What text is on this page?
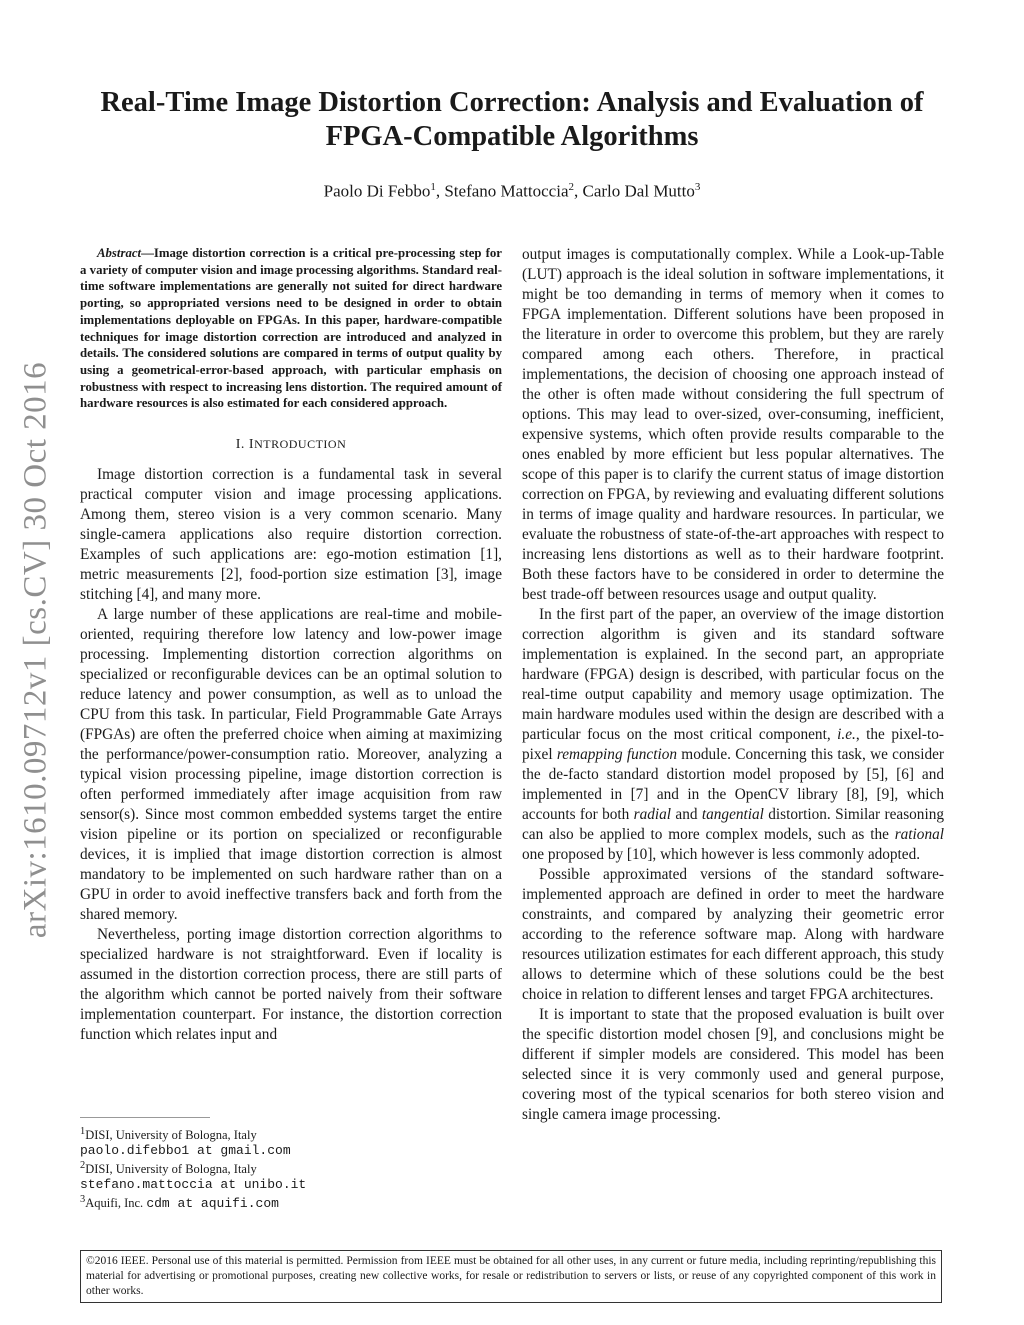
arXiv:1610.09712v1 [cs.CV] 30 Oct 2016
Real-Time Image Distortion Correction: Analysis and Evaluation of
FPGA-Compatible Algorithms
Paolo Di Febbo$^1$, Stefano Mattoccia$^2$, Carlo Dal Mutto$^3$

Abstract—Image distortion correction is a critical pre-processing step for a variety of computer vision and image processing algorithms. Standard real-time software implementations are generally not suited for direct hardware porting, so appropriated versions need to be designed in order to obtain implementations deployable on FPGAs. In this paper, hardware-compatible techniques for image distortion correction are introduced and analyzed in details. The considered solutions are compared in terms of output quality by using a geometrical-error-based approach, with particular emphasis on robustness with respect to increasing lens distortion. The required amount of hardware resources is also estimated for each considered approach.

I. INTRODUCTION

Image distortion correction is a fundamental task in several practical computer vision and image processing applications. Among them, stereo vision is a very common scenario. Many single-camera applications also require distortion correction. Examples of such applications are: ego-motion estimation [1], metric measurements [2], food-portion size estimation [3], image stitching [4], and many more.

A large number of these applications are real-time and mobile-oriented, requiring therefore low latency and low-power image processing. Implementing distortion correction algorithms on specialized or reconfigurable devices can be an optimal solution to reduce latency and power consumption, as well as to unload the CPU from this task. In particular, Field Programmable Gate Arrays (FPGAs) are often the preferred choice when aiming at maximizing the performance/power-consumption ratio. Moreover, analyzing a typical vision processing pipeline, image distortion correction is often performed immediately after image acquisition from raw sensor(s). Since most common embedded systems target the entire vision pipeline or its portion on specialized or reconfigurable devices, it is implied that image distortion correction is almost mandatory to be implemented on such hardware rather than on a GPU in order to avoid ineffective transfers back and forth from the shared memory.

Nevertheless, porting image distortion correction algorithms to specialized hardware is not straightforward. Even if locality is assumed in the distortion correction process, there are still parts of the algorithm which cannot be ported naively from their software implementation counterpart. For instance, the distortion correction function which relates input and

$^1$DISI, University of Bologna, Italy
paolo.difebbo1 at gmail.com
$^2$DISI, University of Bologna, Italy
stefano.mattoccia at unibo.it
$^3$Aquifi, Inc. cdm at aquifi.com

output images is computationally complex. While a Look-up-Table (LUT) approach is the ideal solution in software implementations, it might be too demanding in terms of memory when it comes to FPGA implementation. Different solutions have been proposed in the literature in order to overcome this problem, but they are rarely compared among each others. Therefore, in practical implementations, the decision of choosing one approach instead of the other is often made without considering the full spectrum of options. This may lead to over-sized, over-consuming, inefficient, expensive systems, which often provide results comparable to the ones enabled by more efficient but less popular alternatives. The scope of this paper is to clarify the current status of image distortion correction on FPGA, by reviewing and evaluating different solutions in terms of image quality and hardware resources. In particular, we evaluate the robustness of state-of-the-art approaches with respect to increasing lens distortions as well as to their hardware footprint. Both these factors have to be considered in order to determine the best trade-off between resources usage and output quality.

In the first part of the paper, an overview of the image distortion correction algorithm is given and its standard software implementation is explained. In the second part, an appropriate hardware (FPGA) design is described, with particular focus on the real-time output capability and memory usage optimization. The main hardware modules used within the design are described with a particular focus on the most critical component, i.e., the pixel-to-pixel remapping function module. Concerning this task, we consider the de-facto standard distortion model proposed by [5], [6] and implemented in [7] and in the OpenCV library [8], [9], which accounts for both radial and tangential distortion. Similar reasoning can also be applied to more complex models, such as the rational one proposed by [10], which however is less commonly adopted.

Possible approximated versions of the standard software-implemented approach are defined in order to meet the hardware constraints, and compared by analyzing their geometric error according to the reference software map. Along with hardware resources utilization estimates for each different approach, this study allows to determine which of these solutions could be the best choice in relation to different lenses and target FPGA architectures.

It is important to state that the proposed evaluation is built over the specific distortion model chosen [9], and conclusions might be different if simpler models are considered. This model has been selected since it is very commonly used and general purpose, covering most of the typical scenarios for both stereo vision and single camera image processing.

©2016 IEEE. Personal use of this material is permitted. Permission from IEEE must be obtained for all other uses, in any current or future media, including reprinting/republishing this material for advertising or promotional purposes, creating new collective works, for resale or redistribution to servers or lists, or reuse of any copyrighted component of this work in other works.
